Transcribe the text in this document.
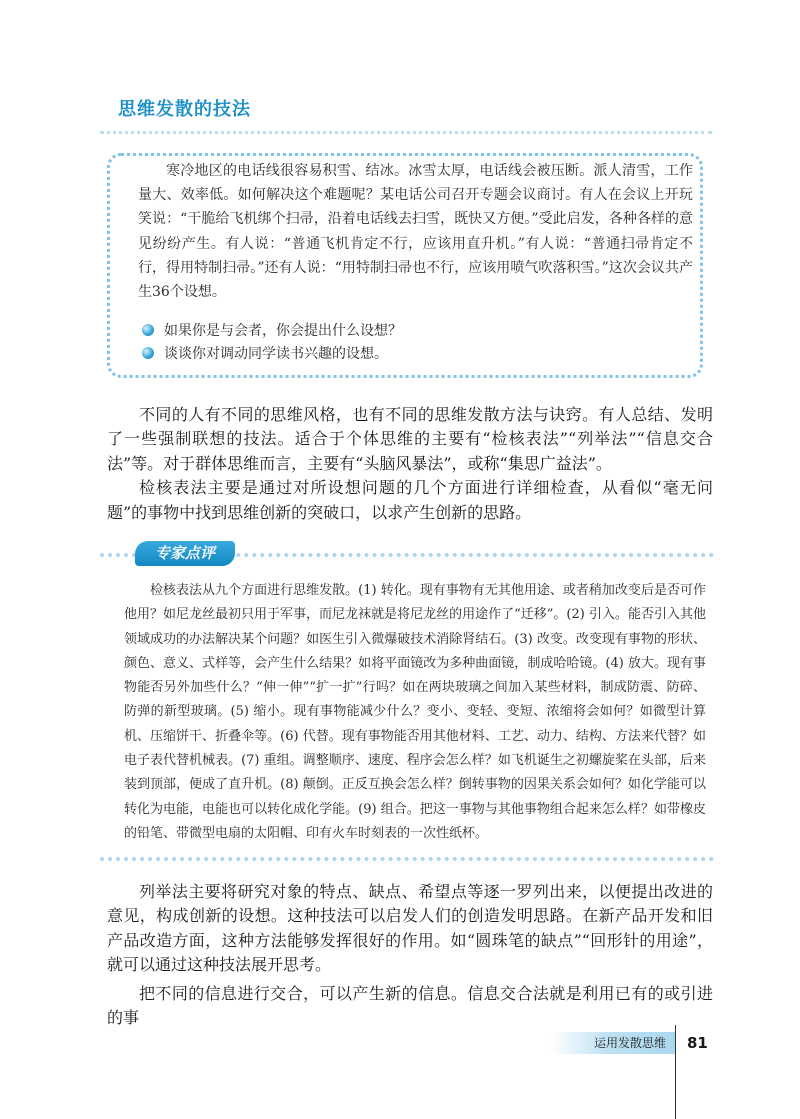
思维发散的技法

寒冷地区的电话线很容易积雪、结冰。冰雪太厚，电话线会被压断。派人清雪，工作量大、效率低。如何解决这个难题呢？某电话公司召开专题会议商讨。有人在会议上开玩笑说：“干脆给飞机绑个扫帚，沿着电话线去扫雪，既快又方便。”受此启发，各种各样的意见纷纷产生。有人说：“普通飞机肯定不行，应该用直升机。”有人说：“普通扫帚肯定不行，得用特制扫帚。”还有人说：“用特制扫帚也不行，应该用喷气吹落积雪。”这次会议共产生36个设想。

如果你是与会者，你会提出什么设想？
谈谈你对调动同学读书兴趣的设想。

不同的人有不同的思维风格，也有不同的思维发散方法与诀窍。有人总结、发明了一些强制联想的技法。适合于个体思维的主要有“检核表法”“列举法”“信息交合法”等。对于群体思维而言，主要有“头脑风暴法”，或称“集思广益法”。

检核表法主要是通过对所设想问题的几个方面进行详细检查，从看似“毫无问题”的事物中找到思维创新的突破口，以求产生创新的思路。

专家点评

检核表法从九个方面进行思维发散。(1) 转化。现有事物有无其他用途、或者稍加改变后是否可作他用？如尼龙丝最初只用于军事，而尼龙袜就是将尼龙丝的用途作了“迁移”。(2) 引入。能否引入其他领域成功的办法解决某个问题？如医生引入微爆破技术消除肾结石。(3) 改变。改变现有事物的形状、颜色、意义、式样等，会产生什么结果？如将平面镜改为多种曲面镜，制成哈哈镜。(4) 放大。现有事物能否另外加些什么？“伸一伸”“扩一扩”行吗？如在两块玻璃之间加入某些材料，制成防震、防碎、防弹的新型玻璃。(5) 缩小。现有事物能减少什么？变小、变轻、变短、浓缩将会如何？如微型计算机、压缩饼干、折叠伞等。(6) 代替。现有事物能否用其他材料、工艺、动力、结构、方法来代替？如电子表代替机械表。(7) 重组。调整顺序、速度、程序会怎么样？如飞机诞生之初螺旋桨在头部，后来装到顶部，便成了直升机。(8) 颠倒。正反互换会怎么样？倒转事物的因果关系会如何？如化学能可以转化为电能，电能也可以转化成化学能。(9) 组合。把这一事物与其他事物组合起来怎么样？如带橡皮的铅笔、带微型电扇的太阳帽、印有火车时刻表的一次性纸杯。

列举法主要将研究对象的特点、缺点、希望点等逐一罗列出来，以便提出改进的意见，构成创新的设想。这种技法可以启发人们的创造发明思路。在新产品开发和旧产品改造方面，这种方法能够发挥很好的作用。如“圆珠笔的缺点”“回形针的用途”，就可以通过这种技法展开思考。

把不同的信息进行交合，可以产生新的信息。信息交合法就是利用已有的或引进的事

运用发散思维 81
